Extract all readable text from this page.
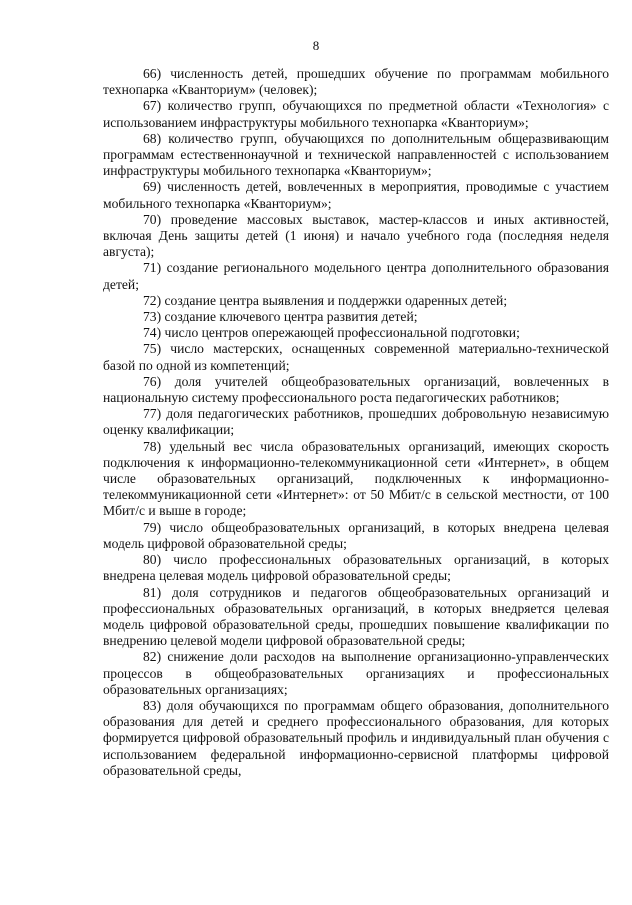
8

66) численность детей, прошедших обучение по программам мобильного технопарка «Кванториум» (человек);

67) количество групп, обучающихся по предметной области «Технология» с использованием инфраструктуры мобильного технопарка «Кванториум»;

68) количество групп, обучающихся по дополнительным общеразвивающим программам естественнонаучной и технической направленностей с использованием инфраструктуры мобильного технопарка «Кванториум»;

69) численность детей, вовлеченных в мероприятия, проводимые с участием мобильного технопарка «Кванториум»;

70) проведение массовых выставок, мастер-классов и иных активностей, включая День защиты детей (1 июня) и начало учебного года (последняя неделя августа);

71) создание регионального модельного центра дополнительного образования детей;

72) создание центра выявления и поддержки одаренных детей;

73) создание ключевого центра развития детей;

74) число центров опережающей профессиональной подготовки;

75) число мастерских, оснащенных современной материально-технической базой по одной из компетенций;

76) доля учителей общеобразовательных организаций, вовлеченных в национальную систему профессионального роста педагогических работников;

77) доля педагогических работников, прошедших добровольную независимую оценку квалификации;

78) удельный вес числа образовательных организаций, имеющих скорость подключения к информационно-телекоммуникационной сети «Интернет», в общем числе образовательных организаций, подключенных к информационно-телекоммуникационной сети «Интернет»: от 50 Мбит/с в сельской местности, от 100 Мбит/с и выше в городе;

79) число общеобразовательных организаций, в которых внедрена целевая модель цифровой образовательной среды;

80) число профессиональных образовательных организаций, в которых внедрена целевая модель цифровой образовательной среды;

81) доля сотрудников и педагогов общеобразовательных организаций и профессиональных образовательных организаций, в которых внедряется целевая модель цифровой образовательной среды, прошедших повышение квалификации по внедрению целевой модели цифровой образовательной среды;

82) снижение доли расходов на выполнение организационно-управленческих процессов в общеобразовательных организациях и профессиональных образовательных организациях;

83) доля обучающихся по программам общего образования, дополнительного образования для детей и среднего профессионального образования, для которых формируется цифровой образовательный профиль и индивидуальный план обучения с использованием федеральной информационно-сервисной платформы цифровой образовательной среды,
